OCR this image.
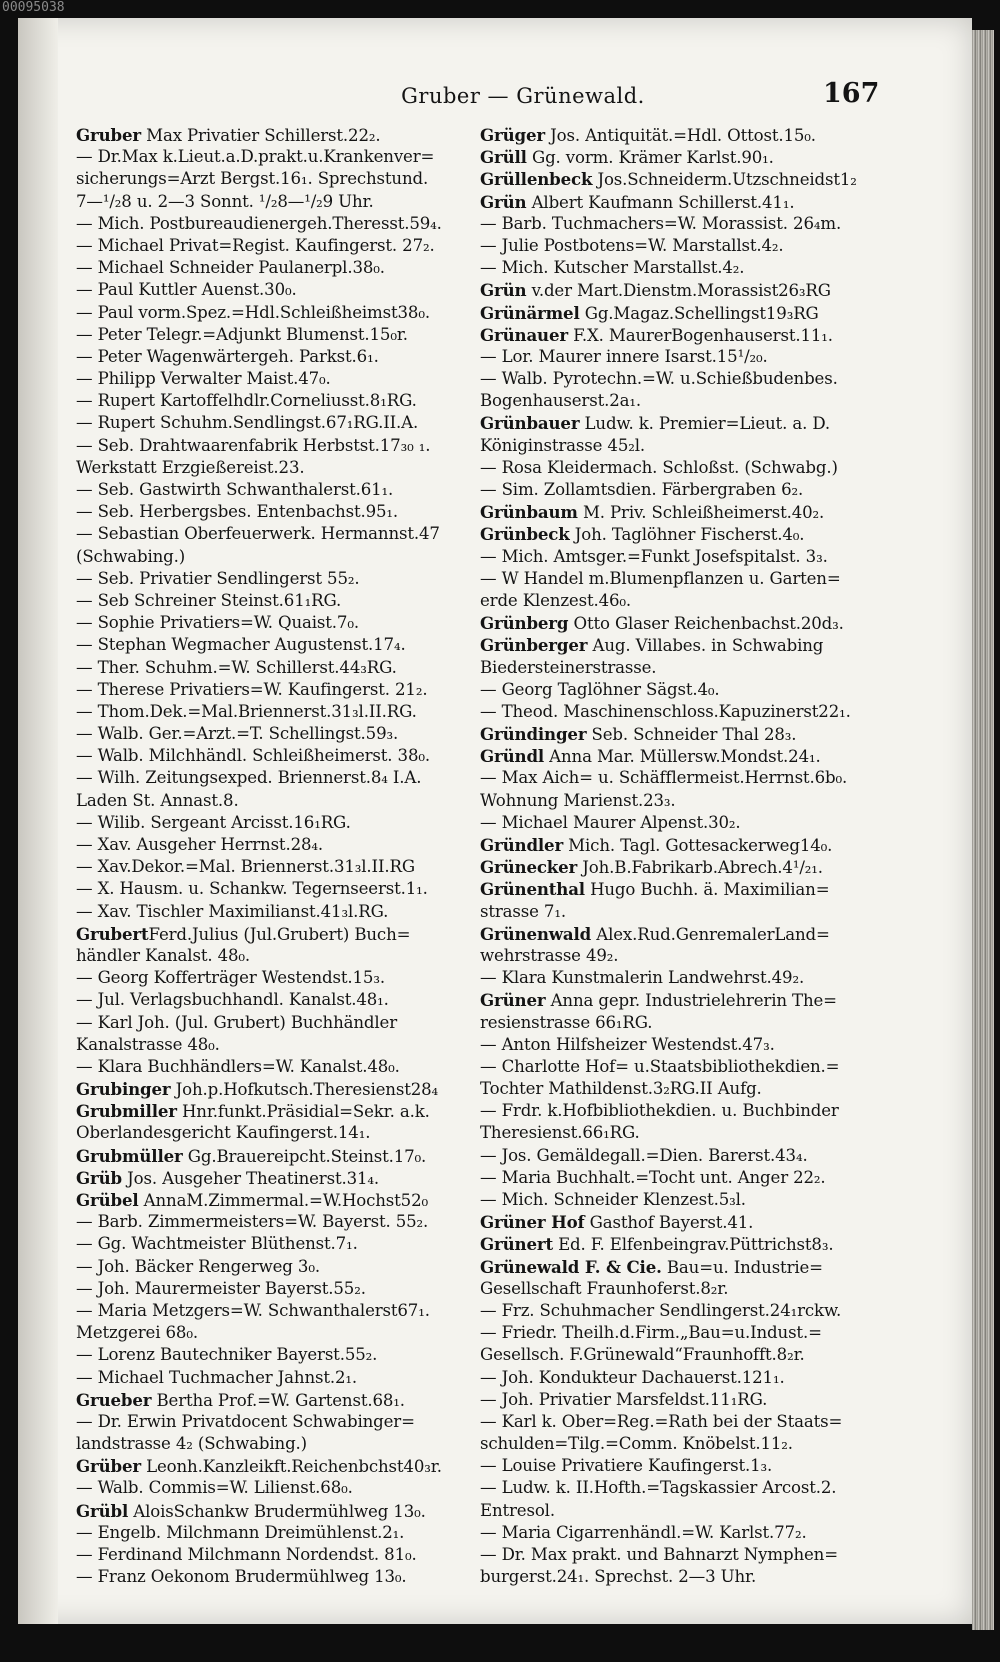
00095038
Gruber — Grünewald.	167
Gruber Max Privatier Schillerst.22₂.
— Dr.Max k.Lieut.a.D.prakt.u.Krankenver=
sicherungs=Arzt Bergst.16₁. Sprechstund.
7—¹/₂8 u. 2—3 Sonnt. ¹/₂8—¹/₂9 Uhr.
— Mich. Postbureaudienergeh.Theresst.59₄.
— Michael Privat=Regist. Kaufingerst. 27₂.
— Michael Schneider Paulanerpl.38₀.
— Paul Kuttler Auenst.30₀.
— Paul vorm.Spez.=Hdl.Schleißheimst38₀.
— Peter Telegr.=Adjunkt Blumenst.15₀r.
— Peter Wagenwärtergeh. Parkst.6₁.
— Philipp Verwalter Maist.47₀.
— Rupert Kartoffelhdlr.Corneliusst.8₁RG.
— Rupert Schuhm.Sendlingst.67₁RG.II.A.
— Seb. Drahtwaarenfabrik Herbstst.17₃₀ ₁.
Werkstatt Erzgießereist.23.
— Seb. Gastwirth Schwanthalerst.61₁.
— Seb. Herbergsbes. Entenbachst.95₁.
— Sebastian Oberfeuerwerk. Hermannst.47
(Schwabing.)
— Seb. Privatier Sendlingerst 55₂.
— Seb Schreiner Steinst.61₁RG.
— Sophie Privatiers=W. Quaist.7₀.
— Stephan Wegmacher Augustenst.17₄.
— Ther. Schuhm.=W. Schillerst.44₃RG.
— Therese Privatiers=W. Kaufingerst. 21₂.
— Thom.Dek.=Mal.Briennerst.31₃l.II.RG.
— Walb. Ger.=Arzt.=T. Schellingst.59₃.
— Walb. Milchhändl. Schleißheimerst. 38₀.
— Wilh. Zeitungsexped. Briennerst.8₄ I.A.
Laden St. Annast.8.
— Wilib. Sergeant Arcisst.16₁RG.
— Xav. Ausgeher Herrnst.28₄.
— Xav.Dekor.=Mal. Briennerst.31₃l.II.RG
— X. Hausm. u. Schankw. Tegernseerst.1₁.
— Xav. Tischler Maximilianst.41₃l.RG.
GrubertFerd.Julius (Jul.Grubert) Buch=
händler Kanalst. 48₀.
— Georg Kofferträger Westendst.15₃.
— Jul. Verlagsbuchhandl. Kanalst.48₁.
— Karl Joh. (Jul. Grubert) Buchhändler
Kanalstrasse 48₀.
— Klara Buchhändlers=W. Kanalst.48₀.
Grubinger Joh.p.Hofkutsch.Theresienst28₄
Grubmiller Hnr.funkt.Präsidial=Sekr. a.k.
Oberlandesgericht Kaufingerst.14₁.
Grubmüller Gg.Brauereipcht.Steinst.17₀.
Grüb Jos. Ausgeher Theatinerst.31₄.
Grübel AnnaM.Zimmermal.=W.Hochst52₀
— Barb. Zimmermeisters=W. Bayerst. 55₂.
— Gg. Wachtmeister Blüthenst.7₁.
— Joh. Bäcker Rengerweg 3₀.
— Joh. Maurermeister Bayerst.55₂.
— Maria Metzgers=W. Schwanthalerst67₁.
Metzgerei 68₀.
— Lorenz Bautechniker Bayerst.55₂.
— Michael Tuchmacher Jahnst.2₁.
Grueber Bertha Prof.=W. Gartenst.68₁.
— Dr. Erwin Privatdocent Schwabinger=
landstrasse 4₂ (Schwabing.)
Grüber Leonh.Kanzleikft.Reichenbchst40₃r.
— Walb. Commis=W. Lilienst.68₀.
Grübl AloisSchankw Brudermühlweg 13₀.
— Engelb. Milchmann Dreimühlenst.2₁.
— Ferdinand Milchmann Nordendst. 81₀.
— Franz Oekonom Brudermühlweg 13₀.
Grüger Jos. Antiquität.=Hdl. Ottost.15₀.
Grüll Gg. vorm. Krämer Karlst.90₁.
Grüllenbeck Jos.Schneiderm.Utzschneidst1₂
Grün Albert Kaufmann Schillerst.41₁.
— Barb. Tuchmachers=W. Morassist. 26₄m.
— Julie Postbotens=W. Marstallst.4₂.
— Mich. Kutscher Marstallst.4₂.
Grün v.der Mart.Dienstm.Morassist26₃RG
Grünärmel Gg.Magaz.Schellingst19₃RG
Grünauer F.X. MaurerBogenhauserst.11₁.
— Lor. Maurer innere Isarst.15¹/₂₀.
— Walb. Pyrotechn.=W. u.Schießbudenbes.
Bogenhauserst.2a₁.
Grünbauer Ludw. k. Premier=Lieut. a. D.
Königinstrasse 45₂l.
— Rosa Kleidermach. Schloßst. (Schwabg.)
— Sim. Zollamtsdien. Färbergraben 6₂.
Grünbaum M. Priv. Schleißheimerst.40₂.
Grünbeck Joh. Taglöhner Fischerst.4₀.
— Mich. Amtsger.=Funkt Josefspitalst. 3₃.
— W Handel m.Blumenpflanzen u. Garten=
erde Klenzest.46₀.
Grünberg Otto Glaser Reichenbachst.20d₃.
Grünberger Aug. Villabes. in Schwabing
Biedersteinerstrasse.
— Georg Taglöhner Sägst.4₀.
— Theod. Maschinenschloss.Kapuzinerst22₁.
Gründinger Seb. Schneider Thal 28₃.
Gründl Anna Mar. Müllersw.Mondst.24₁.
— Max Aich= u. Schäfflermeist.Herrnst.6b₀.
Wohnung Marienst.23₃.
— Michael Maurer Alpenst.30₂.
Gründler Mich. Tagl. Gottesackerweg14₀.
Grünecker Joh.B.Fabrikarb.Abrech.4¹/₂₁.
Grünenthal Hugo Buchh. ä. Maximilian=
strasse 7₁.
Grünenwald Alex.Rud.GenremalerLand=
wehrstrasse 49₂.
— Klara Kunstmalerin Landwehrst.49₂.
Grüner Anna gepr. Industrielehrerin The=
resienstrasse 66₁RG.
— Anton Hilfsheizer Westendst.47₃.
— Charlotte Hof= u.Staatsbibliothekdien.=
Tochter Mathildenst.3₂RG.II Aufg.
— Frdr. k.Hofbibliothekdien. u. Buchbinder
Theresienst.66₁RG.
— Jos. Gemäldegall.=Dien. Barerst.43₄.
— Maria Buchhalt.=Tocht unt. Anger 22₂.
— Mich. Schneider Klenzest.5₃l.
Grüner Hof Gasthof Bayerst.41.
Grünert Ed. F. Elfenbeingrav.Püttrichst8₃.
Grünewald F. & Cie. Bau=u. Industrie=
Gesellschaft Fraunhoferst.8₂r.
— Frz. Schuhmacher Sendlingerst.24₁rckw.
— Friedr. Theilh.d.Firm.„Bau=u.Indust.=
Gesellsch. F.Grünewald“Fraunhofft.8₂r.
— Joh. Kondukteur Dachauerst.121₁.
— Joh. Privatier Marsfeldst.11₁RG.
— Karl k. Ober=Reg.=Rath bei der Staats=
schulden=Tilg.=Comm. Knöbelst.11₂.
— Louise Privatiere Kaufingerst.1₃.
— Ludw. k. II.Hofth.=Tagskassier Arcost.2.
Entresol.
— Maria Cigarrenhändl.=W. Karlst.77₂.
— Dr. Max prakt. und Bahnarzt Nymphen=
burgerst.24₁. Sprechst. 2—3 Uhr.
